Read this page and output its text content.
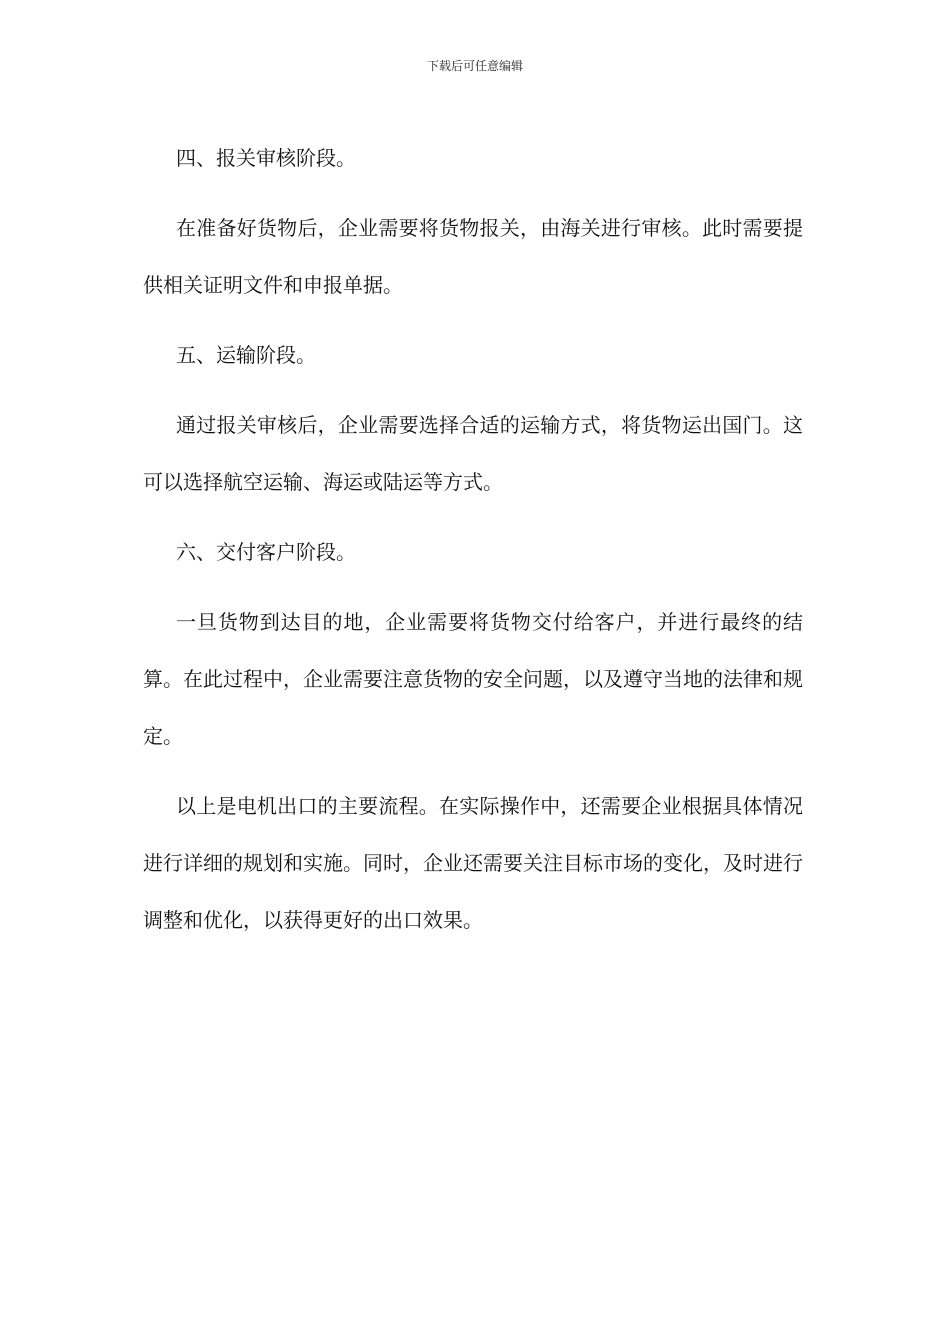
下载后可任意编辑

四、报关审核阶段。

在准备好货物后，企业需要将货物报关，由海关进行审核。此时需要提供相关证明文件和申报单据。

五、运输阶段。

通过报关审核后，企业需要选择合适的运输方式，将货物运出国门。这可以选择航空运输、海运或陆运等方式。

六、交付客户阶段。

一旦货物到达目的地，企业需要将货物交付给客户，并进行最终的结算。在此过程中，企业需要注意货物的安全问题，以及遵守当地的法律和规定。

以上是电机出口的主要流程。在实际操作中，还需要企业根据具体情况进行详细的规划和实施。同时，企业还需要关注目标市场的变化，及时进行调整和优化，以获得更好的出口效果。
